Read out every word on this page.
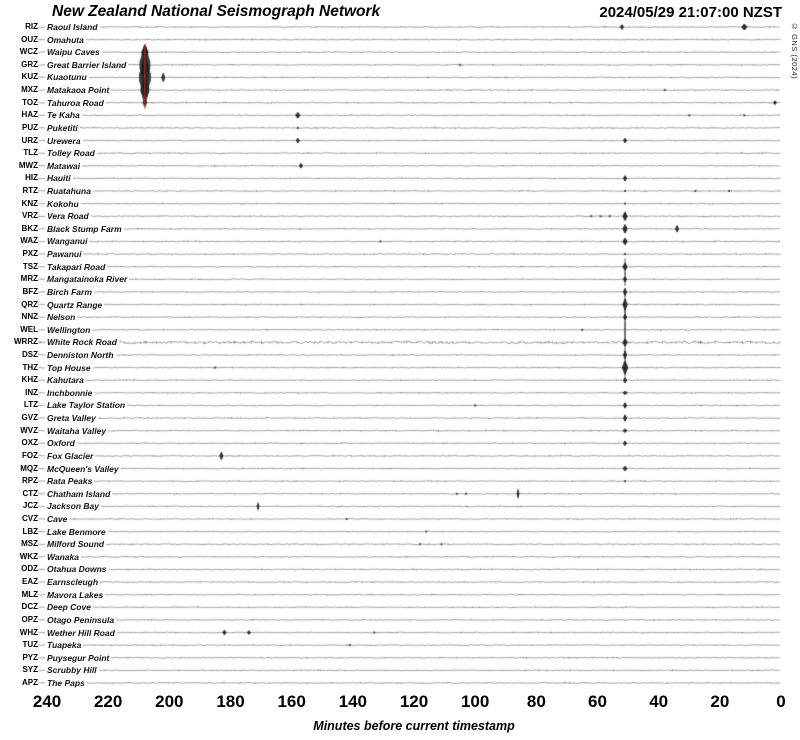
New Zealand National Seismograph Network	2024/05/29 21:07:00 NZST
© GNS (2024)
RIZ Raoul Island
OUZ Omahuta
WCZ Waipu Caves
GRZ Great Barrier Island
KUZ Kuaotunu
MXZ Matakaoa Point
TOZ Tahuroa Road
HAZ Te Kaha
PUZ Puketiti
URZ Urewera
TLZ Tolley Road
MWZ Matawai
HIZ Hauiti
RTZ Ruatahuna
KNZ Kokohu
VRZ Vera Road
BKZ Black Stump Farm
WAZ Wanganui
PXZ Pawanui
TSZ Takapari Road
MRZ Mangatainoka River
BFZ Birch Farm
QRZ Quartz Range
NNZ Nelson
WEL Wellington
WRRZ White Rock Road
DSZ Denniston North
THZ Top House
KHZ Kahutara
INZ Inchbonnie
LTZ Lake Taylor Station
GVZ Greta Valley
WVZ Waitaha Valley
OXZ Oxford
FOZ Fox Glacier
MQZ McQueen's Valley
RPZ Rata Peaks
CTZ Chatham Island
JCZ Jackson Bay
CVZ Cave
LBZ Lake Benmore
MSZ Milford Sound
WKZ Wanaka
ODZ Otahua Downs
EAZ Earnscleugh
MLZ Mavora Lakes
DCZ Deep Cove
OPZ Otago Peninsula
WHZ Wether Hill Road
TUZ Tuapeka
PYZ Puysegur Point
SYZ Scrubby Hill
APZ The Paps
Minutes before current timestamp
240	220	200	180	160	140	120	100	80	60	40	20	0
